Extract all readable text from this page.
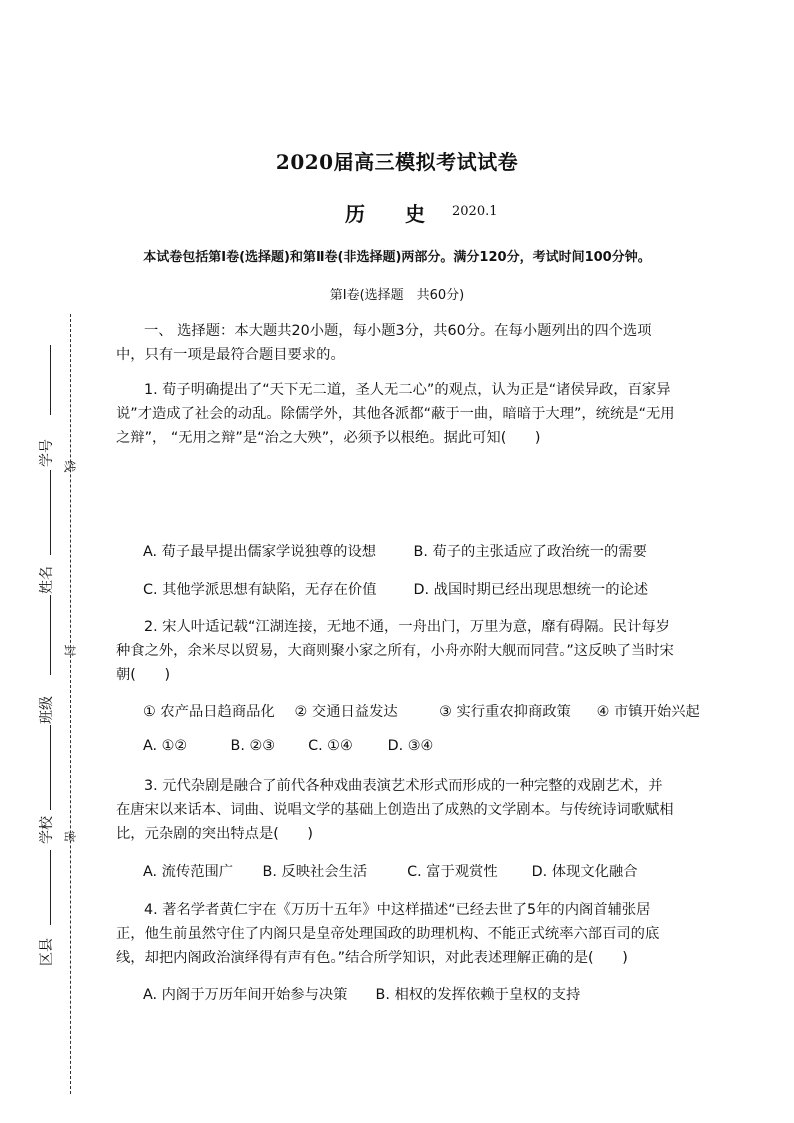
学号
姓名
班级
学校
区县
线
封
密
2020届高三模拟考试试卷
历 史 2020.1
本试卷包括第Ⅰ卷(选择题)和第Ⅱ卷(非选择题)两部分。满分120分，考试时间100分钟。
第Ⅰ卷(选择题　共60分)
一、 选择题：本大题共20小题，每小题3分，共60分。在每小题列出的四个选项中，只有一项是最符合题目要求的。
1. 荀子明确提出了“天下无二道，圣人无二心”的观点，认为正是“诸侯异政，百家异说”才造成了社会的动乱。除儒学外，其他各派都“蔽于一曲，暗暗于大理”，统统是“无用之辩”， “无用之辩”是“治之大殃”，必须予以根绝。据此可知(　　)
A. 荀子最早提出儒家学说独尊的设想	B. 荀子的主张适应了政治统一的需要
C. 其他学派思想有缺陷，无存在价值	D. 战国时期已经出现思想统一的论述
2. 宋人叶适记载“江湖连接，无地不通，一舟出门，万里为意，靡有碍隔。民计每岁种食之外，余米尽以贸易，大商则聚小家之所有，小舟亦附大舰而同营。”这反映了当时宋朝(　　)
① 农产品日趋商品化 ② 交通日益发达	③ 实行重农抑商政策 ④ 市镇开始兴起
A. ①②	B. ②③ C. ①④ D. ③④
3. 元代杂剧是融合了前代各种戏曲表演艺术形式而形成的一种完整的戏剧艺术，并在唐宋以来话本、词曲、说唱文学的基础上创造出了成熟的文学剧本。与传统诗词歌赋相比，元杂剧的突出特点是(　　)
A. 流传范围广 B. 反映社会生活	C. 富于观赏性 D. 体现文化融合
4. 著名学者黄仁宇在《万历十五年》中这样描述“已经去世了5年的内阁首辅张居正，他生前虽然守住了内阁只是皇帝处理国政的助理机构、不能正式统率六部百司的底线，却把内阁政治演绎得有声有色。”结合所学知识，对此表述理解正确的是(　　)
A. 内阁于万历年间开始参与决策 B. 相权的发挥依赖于皇权的支持
